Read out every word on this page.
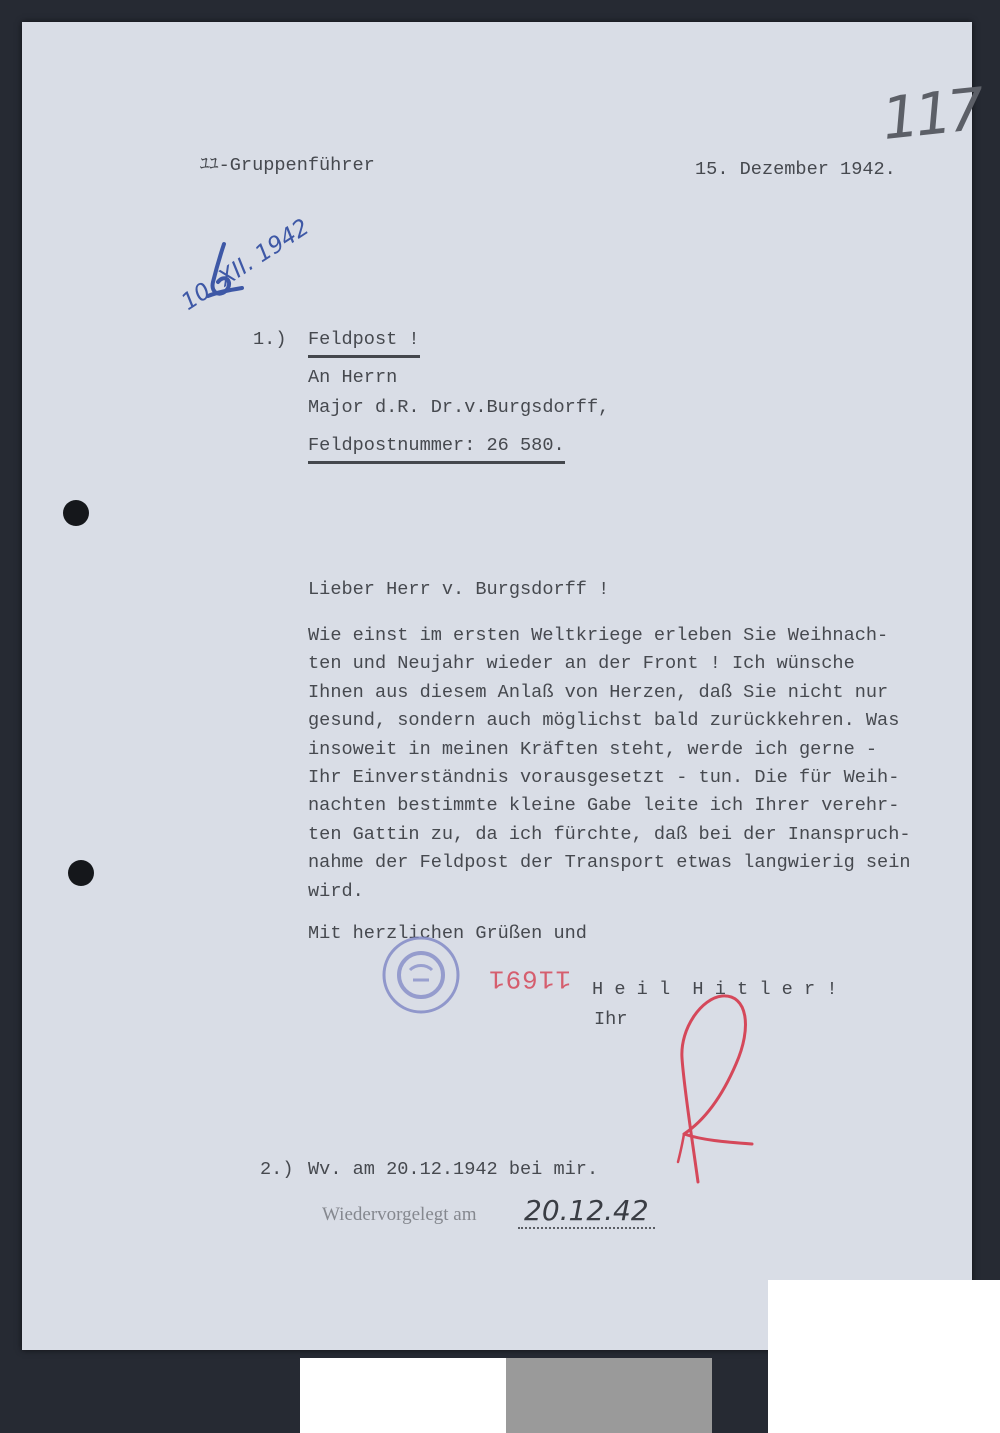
ﾕﾕ-Gruppenführer	15. Dezember 1942.
117
10. XII. 1942
1.) Feldpost !
An Herrn
Major d.R. Dr.v.Burgsdorff,
Feldpostnummer: 26 580.
Lieber Herr v. Burgsdorff !
Wie einst im ersten Weltkriege erleben Sie Weihnach-
ten und Neujahr wieder an der Front ! Ich wünsche
Ihnen aus diesem Anlaß von Herzen, daß Sie nicht nur
gesund, sondern auch möglichst bald zurückkehren. Was
insoweit in meinen Kräften steht, werde ich gerne -
Ihr Einverständnis vorausgesetzt - tun. Die für Weih-
nachten bestimmte kleine Gabe leite ich Ihrer verehr-
ten Gattin zu, da ich fürchte, daß bei der Inanspruch-
nahme der Feldpost der Transport etwas langwierig sein
wird.
Mit herzlichen Grüßen und
11691 H e i l  H i t l e r !
Ihr
2.) Wv. am 20.12.1942 bei mir.
Wiedervorgelegt am 20.12.42
